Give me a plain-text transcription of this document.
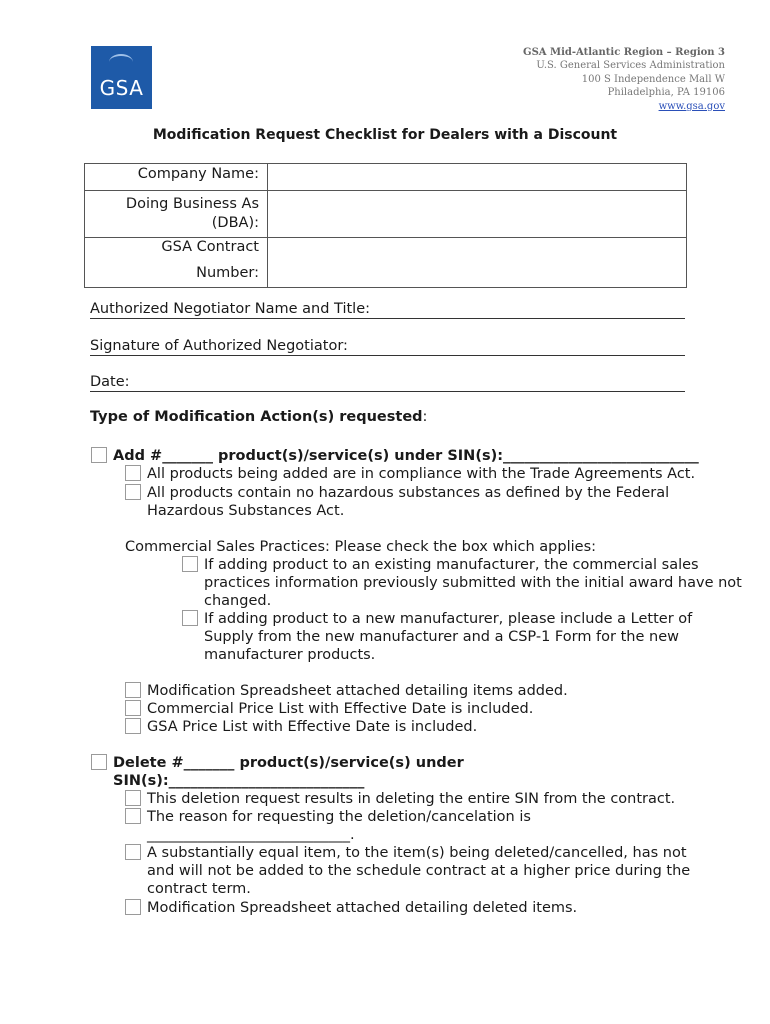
GSA
GSA Mid-Atlantic Region – Region 3
U.S. General Services Administration
100 S Independence Mall W
Philadelphia, PA 19106
www.gsa.gov
Modification Request Checklist for Dealers with a Discount
Company Name:	

Doing Business As
(DBA):	

GSA Contract
Number:	

Authorized Negotiator Name and Title:
Signature of Authorized Negotiator:
Date:
Type of Modification Action(s) requested:
Add #_______ product(s)/service(s) under SIN(s):___________________________
All products being added are in compliance with the Trade Agreements Act.
All products contain no hazardous substances as defined by the Federal
Hazardous Substances Act.
Commercial Sales Practices: Please check the box which applies:
If adding product to an existing manufacturer, the commercial sales
practices information previously submitted with the initial award have not
changed.
If adding product to a new manufacturer, please include a Letter of
Supply from the new manufacturer and a CSP-1 Form for the new
manufacturer products.
Modification Spreadsheet attached detailing items added.
Commercial Price List with Effective Date is included.
GSA Price List with Effective Date is included.
Delete #_______ product(s)/service(s) under
SIN(s):___________________________
This deletion request results in deleting the entire SIN from the contract.
The reason for requesting the deletion/cancelation is
____________________________.
A substantially equal item, to the item(s) being deleted/cancelled, has not
and will not be added to the schedule contract at a higher price during the
contract term.
Modification Spreadsheet attached detailing deleted items.
